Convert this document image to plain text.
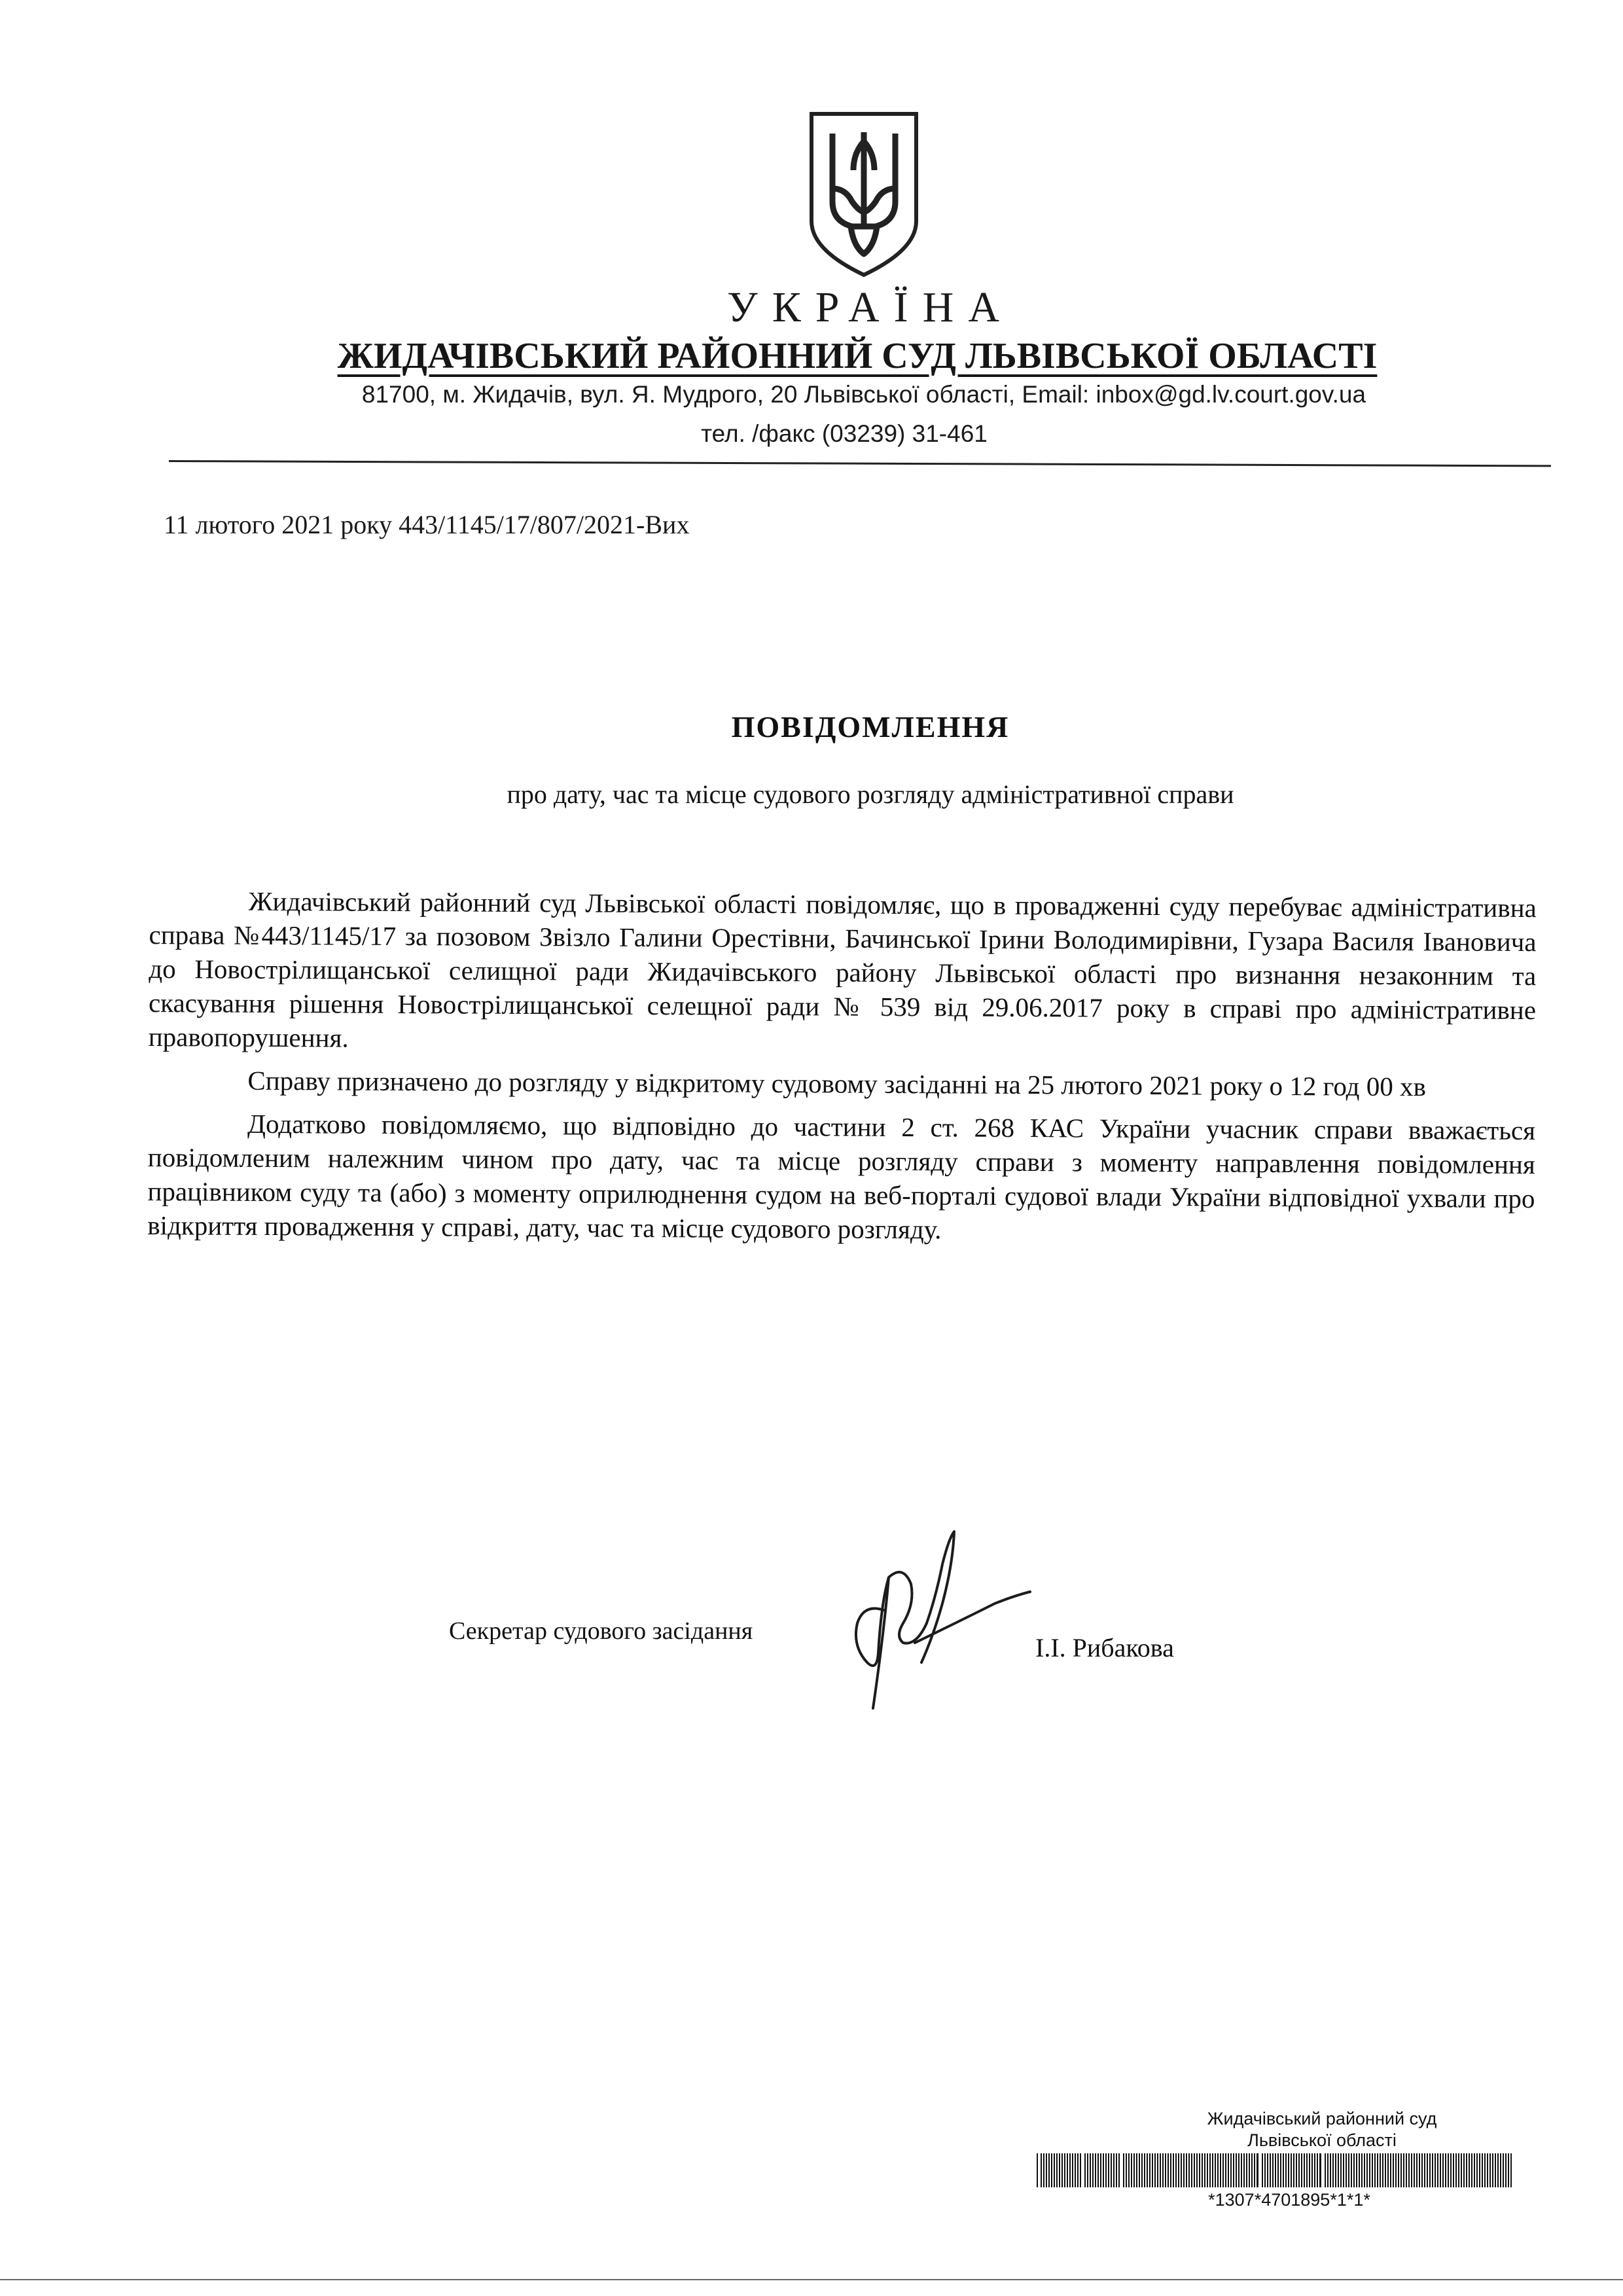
УКРАЇНА
ЖИДАЧІВСЬКИЙ РАЙОННИЙ СУД ЛЬВІВСЬКОЇ ОБЛАСТІ
81700, м. Жидачів, вул. Я. Мудрого, 20 Львівської області, Email: inbox@gd.lv.court.gov.ua
тел. /факс (03239) 31-461
11 лютого 2021 року 443/1145/17/807/2021-Вих
ПОВІДОМЛЕННЯ
про дату, час та місце судового розгляду адміністративної справи

Жидачівський районний суд Львівської області повідомляє, що в провадженні суду перебуває адміністративна справа №443/1145/17 за позовом Звізло Галини Орестівни, Бачинської Ірини Володимирівни, Гузара Василя Івановича до Новострілищанської селищної ради Жидачівського району Львівської області про визнання незаконним та скасування рішення Новострілищанської селещної ради № 539 від 29.06.2017 року в справі про адміністративне правопорушення.

Справу призначено до розгляду у відкритому судовому засіданні на 25 лютого 2021 року о 12 год 00 хв

Додатково повідомляємо, що відповідно до частини 2 ст. 268 КАС України учасник справи вважається повідомленим належним чином про дату, час та місце розгляду справи з моменту направлення повідомлення працівником суду та (або) з моменту оприлюднення судом на веб-порталі судової влади України відповідної ухвали про відкриття провадження у справі, дату, час та місце судового розгляду.

Секретар судового засідання
І.І. Рибакова
Жидачівський районний суд
Львівської області
*1307*4701895*1*1*
